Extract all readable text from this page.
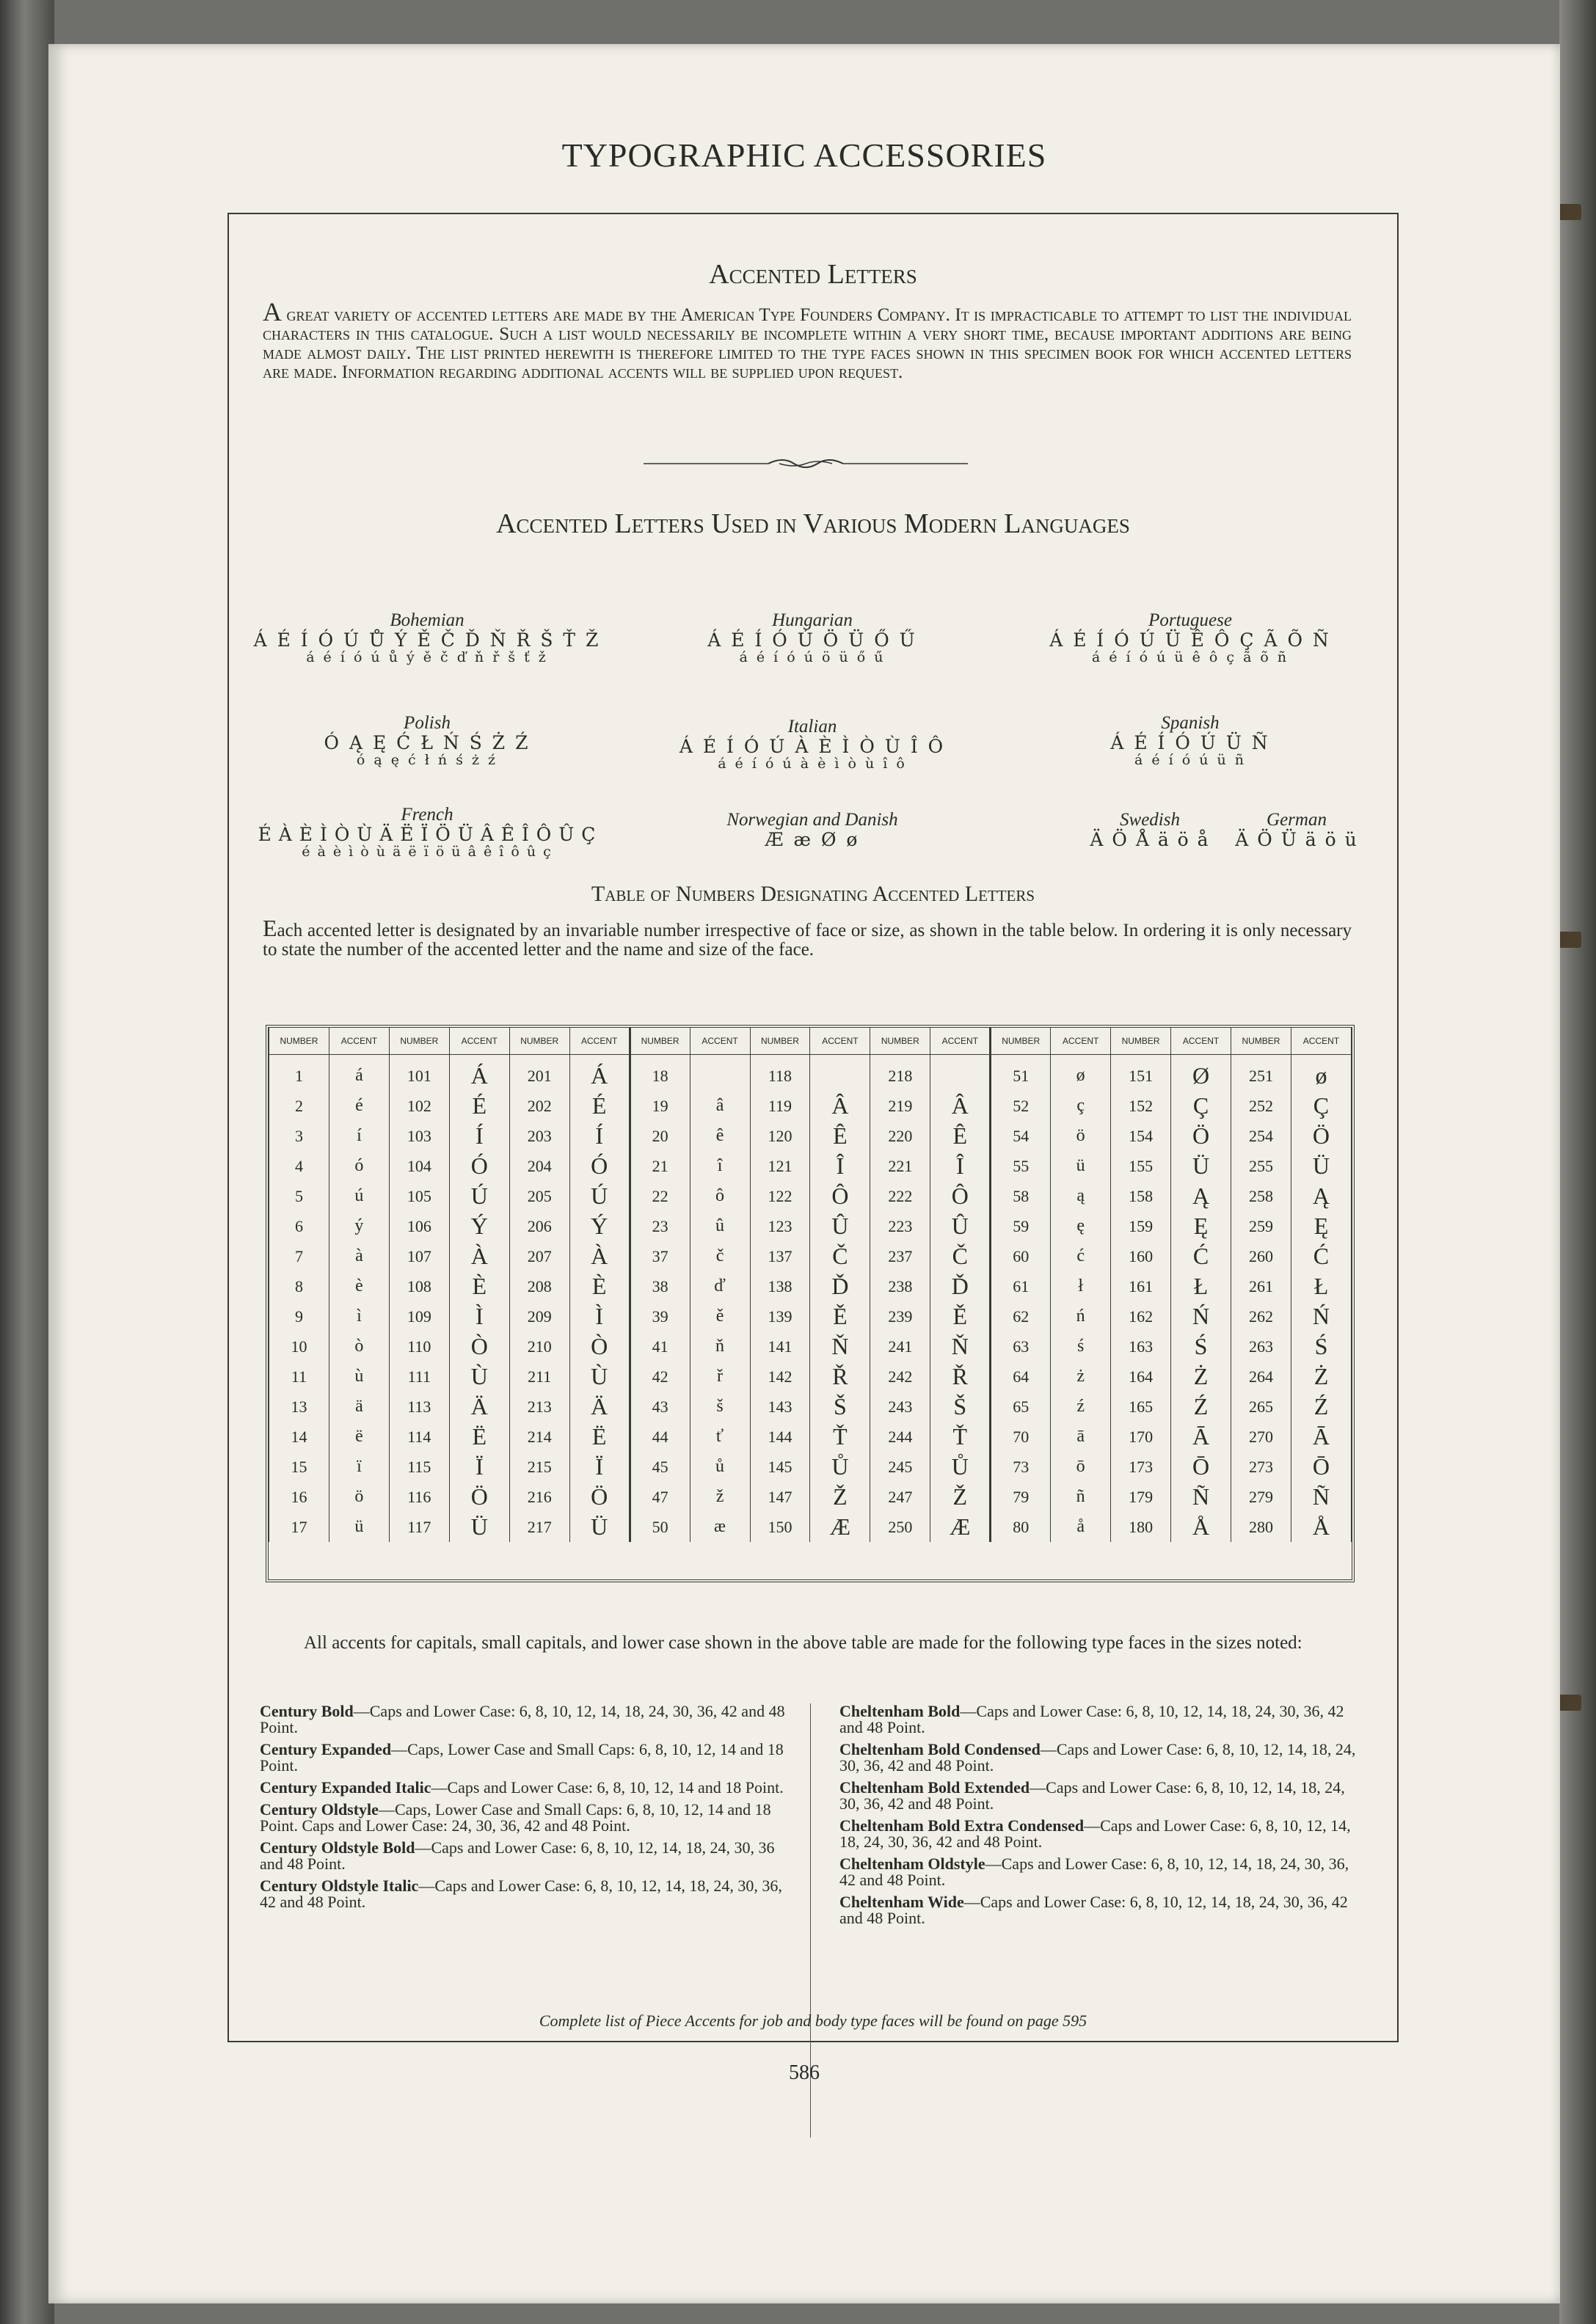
TYPOGRAPHIC ACCESSORIES
Accented Letters
A great variety of accented letters are made by the American Type Founders Company. It is impracticable to attempt to list the individual characters in this catalogue. Such a list would necessarily be incomplete within a very short time, because important additions are being made almost daily. The list printed herewith is therefore limited to the type faces shown in this specimen book for which accented letters are made. Information regarding additional accents will be supplied upon request.
Accented Letters Used in Various Modern Languages
Bohemian
Á É Í Ó Ú Ů Ý Ě Č Ď Ň Ř Š Ť Ž
á é í ó ú ů ý ě č ď ň ř š ť ž
Hungarian
Á É Í Ó Ú Ö Ü Ő Ű
á é í ó ú ö ü ő ű
Portuguese
Á É Í Ó Ú Ü Ê Ô Ç Ã Õ Ñ
á é í ó ú ü ê ô ç ã õ ñ
Polish
Ó Ą Ę Ć Ł Ń Ś Ż Ź
ó ą ę ć ł ń ś ż ź
Italian
Á É Í Ó Ú À È Ì Ò Ù Î Ô
á é í ó ú à è ì ò ù î ô
Spanish
Á É Í Ó Ú Ü Ñ
á é í ó ú ü ñ
French
É À È Ì Ò Ù Ä Ë Ï Ö Ü Â Ê Î Ô Û Ç
é à è ì ò ù ä ë ï ö ü â ê î ô û ç
Norwegian and Danish
Æ æ Ø ø
Swedish
Ä Ö Å ä ö å
German
Ä Ö Ü ä ö ü
Table of Numbers Designating Accented Letters
Each accented letter is designated by an invariable number irrespective of face or size, as shown in the table below. In ordering it is only necessary to state the number of the accented letter and the name and size of the face.
NUMBER	ACCENT	NUMBER	ACCENT	NUMBER	ACCENT	NUMBER	ACCENT	NUMBER	ACCENT	NUMBER	ACCENT	NUMBER	ACCENT	NUMBER	ACCENT	NUMBER	ACCENT
1	á	101	Á	201	Á	18		118		218		51	ø	151	Ø	251	ø
2	é	102	É	202	É	19	â	119	Â	219	Â	52	ç	152	Ç	252	Ç
3	í	103	Í	203	Í	20	ê	120	Ê	220	Ê	54	ö	154	Ö	254	Ö
4	ó	104	Ó	204	Ó	21	î	121	Î	221	Î	55	ü	155	Ü	255	Ü
5	ú	105	Ú	205	Ú	22	ô	122	Ô	222	Ô	58	ą	158	Ą	258	Ą
6	ý	106	Ý	206	Ý	23	û	123	Û	223	Û	59	ę	159	Ę	259	Ę
7	à	107	À	207	À	37	č	137	Č	237	Č	60	ć	160	Ć	260	Ć
8	è	108	È	208	È	38	ď	138	Ď	238	Ď	61	ł	161	Ł	261	Ł
9	ì	109	Ì	209	Ì	39	ě	139	Ě	239	Ě	62	ń	162	Ń	262	Ń
10	ò	110	Ò	210	Ò	41	ň	141	Ň	241	Ň	63	ś	163	Ś	263	Ś
11	ù	111	Ù	211	Ù	42	ř	142	Ř	242	Ř	64	ż	164	Ż	264	Ż
13	ä	113	Ä	213	Ä	43	š	143	Š	243	Š	65	ź	165	Ź	265	Ź
14	ë	114	Ë	214	Ë	44	ť	144	Ť	244	Ť	70	ā	170	Ā	270	Ā
15	ï	115	Ï	215	Ï	45	ů	145	Ů	245	Ů	73	ō	173	Ō	273	Ō
16	ö	116	Ö	216	Ö	47	ž	147	Ž	247	Ž	79	ñ	179	Ñ	279	Ñ
17	ü	117	Ü	217	Ü	50	æ	150	Æ	250	Æ	80	å	180	Å	280	Å
All accents for capitals, small capitals, and lower case shown in the above table are made for the following type faces in the sizes noted:
Century Bold—Caps and Lower Case: 6, 8, 10, 12, 14, 18, 24, 30, 36, 42 and 48 Point.
Century Expanded—Caps, Lower Case and Small Caps: 6, 8, 10, 12, 14 and 18 Point.
Century Expanded Italic—Caps and Lower Case: 6, 8, 10, 12, 14 and 18 Point.
Century Oldstyle—Caps, Lower Case and Small Caps: 6, 8, 10, 12, 14 and 18 Point. Caps and Lower Case: 24, 30, 36, 42 and 48 Point.
Century Oldstyle Bold—Caps and Lower Case: 6, 8, 10, 12, 14, 18, 24, 30, 36 and 48 Point.
Century Oldstyle Italic—Caps and Lower Case: 6, 8, 10, 12, 14, 18, 24, 30, 36, 42 and 48 Point.
Cheltenham Bold—Caps and Lower Case: 6, 8, 10, 12, 14, 18, 24, 30, 36, 42 and 48 Point.
Cheltenham Bold Condensed—Caps and Lower Case: 6, 8, 10, 12, 14, 18, 24, 30, 36, 42 and 48 Point.
Cheltenham Bold Extended—Caps and Lower Case: 6, 8, 10, 12, 14, 18, 24, 30, 36, 42 and 48 Point.
Cheltenham Bold Extra Condensed—Caps and Lower Case: 6, 8, 10, 12, 14, 18, 24, 30, 36, 42 and 48 Point.
Cheltenham Oldstyle—Caps and Lower Case: 6, 8, 10, 12, 14, 18, 24, 30, 36, 42 and 48 Point.
Cheltenham Wide—Caps and Lower Case: 6, 8, 10, 12, 14, 18, 24, 30, 36, 42 and 48 Point.
Complete list of Piece Accents for job and body type faces will be found on page 595
586
